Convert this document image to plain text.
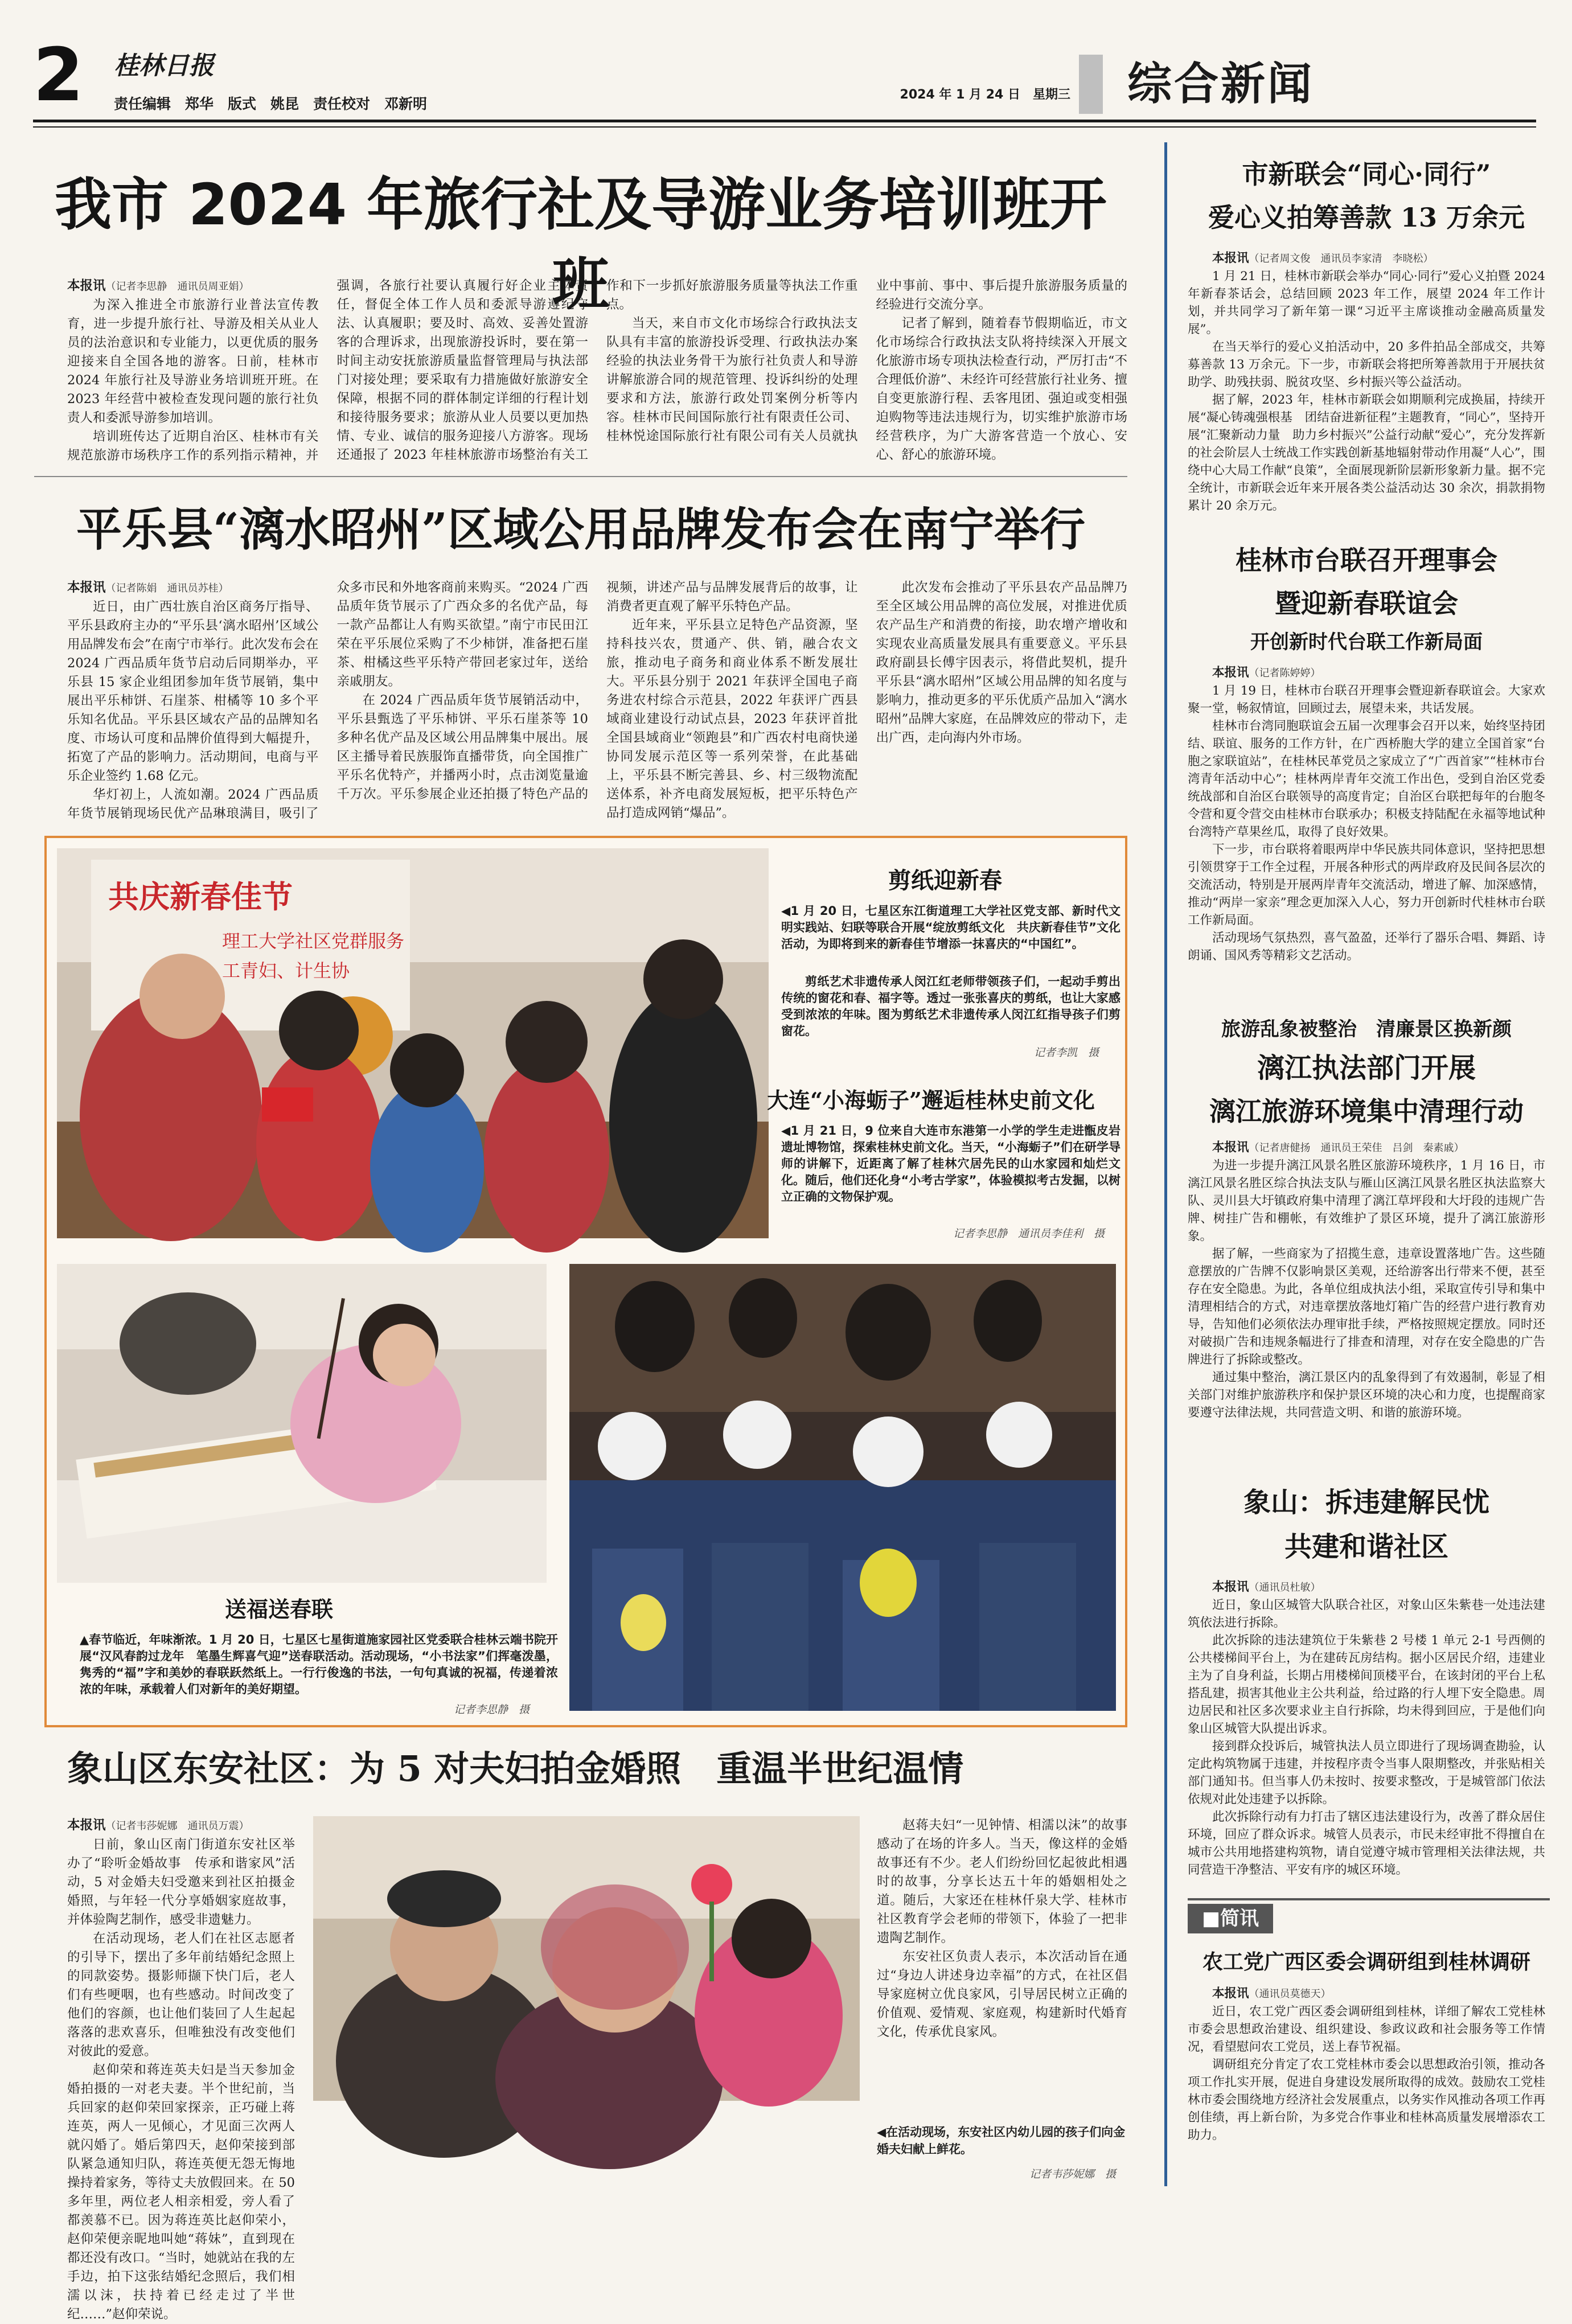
2 桂林日报
责任编辑　郑华　版式　姚昆　责任校对　邓新明
2024 年 1 月 24 日　星期三 综合新闻
我市 2024 年旅行社及导游业务培训班开班

本报讯（记者李思静　通讯员周亚娟）

为深入推进全市旅游行业普法宣传教育，进一步提升旅行社、导游及相关从业人员的法治意识和专业能力，以更优质的服务迎接来自全国各地的游客。日前，桂林市 2024 年旅行社及导游业务培训班开班。在 2023 年经营中被检查发现问题的旅行社负责人和委派导游参加培训。

培训班传达了近期自治区、桂林市有关规范旅游市场秩序工作的系列指示精神，并强调，各旅行社要认真履行好企业主体责任，督促全体工作人员和委派导游遵纪守法、认真履职；要及时、高效、妥善处置游客的合理诉求，出现旅游投诉时，要在第一时间主动安抚旅游质量监督管理局与执法部门对接处理；要采取有力措施做好旅游安全保障，根据不同的群体制定详细的行程计划和接待服务要求；旅游从业人员要以更加热情、专业、诚信的服务迎接八方游客。现场还通报了 2023 年桂林旅游市场整治有关工作和下一步抓好旅游服务质量等执法工作重点。

当天，来自市文化市场综合行政执法支队具有丰富的旅游投诉受理、行政执法办案经验的执法业务骨干为旅行社负责人和导游讲解旅游合同的规范管理、投诉纠纷的处理要求和方法，旅游行政处罚案例分析等内容。桂林市民间国际旅行社有限责任公司、桂林悦途国际旅行社有限公司有关人员就执业中事前、事中、事后提升旅游服务质量的经验进行交流分享。

记者了解到，随着春节假期临近，市文化市场综合行政执法支队将持续深入开展文化旅游市场专项执法检查行动，严厉打击“不合理低价游”、未经许可经营旅行社业务、擅自变更旅游行程、丢客甩团、强迫或变相强迫购物等违法违规行为，切实维护旅游市场经营秩序，为广大游客营造一个放心、安心、舒心的旅游环境。

平乐县“漓水昭州”区域公用品牌发布会在南宁举行

本报讯（记者陈娟　通讯员苏桂）

近日，由广西壮族自治区商务厅指导、平乐县政府主办的“平乐县‘漓水昭州’区域公用品牌发布会”在南宁市举行。此次发布会在 2024 广西品质年货节启动后同期举办，平乐县 15 家企业组团参加年货节展销，集中展出平乐柿饼、石崖茶、柑橘等 10 多个平乐知名优品。平乐县区域农产品的品牌知名度、市场认可度和品牌价值得到大幅提升，拓宽了产品的影响力。活动期间，电商与平乐企业签约 1.68 亿元。

华灯初上，人流如潮。2024 广西品质年货节展销现场民优产品琳琅满目，吸引了众多市民和外地客商前来购买。“2024 广西品质年货节展示了广西众多的名优产品，每一款产品都让人有购买欲望。”南宁市民田江荣在平乐展位采购了不少柿饼，准备把石崖茶、柑橘这些平乐特产带回老家过年，送给亲戚朋友。

在 2024 广西品质年货节展销活动中，平乐县甄选了平乐柿饼、平乐石崖茶等 10 多种名优产品及区域公用品牌集中展出。展区主播导着民族服饰直播带货，向全国推广平乐名优特产，并播两小时，点击浏览量逾千万次。平乐参展企业还拍摄了特色产品的视频，讲述产品与品牌发展背后的故事，让消费者更直观了解平乐特色产品。

近年来，平乐县立足特色产品资源，坚持科技兴农，贯通产、供、销，融合农文旅，推动电子商务和商业体系不断发展壮大。平乐县分别于 2021 年获评全国电子商务进农村综合示范县，2022 年获评广西县域商业建设行动试点县，2023 年获评首批全国县域商业“领跑县”和广西农村电商快递协同发展示范区等一系列荣誉，在此基础上，平乐县不断完善县、乡、村三级物流配送体系，补齐电商发展短板，把平乐特色产品打造成网销“爆品”。

此次发布会推动了平乐县农产品品牌乃至全区域公用品牌的高位发展，对推进优质农产品生产和消费的衔接，助农增产增收和实现农业高质量发展具有重要意义。平乐县政府副县长傅宇因表示，将借此契机，提升平乐县“漓水昭州”区域公用品牌的知名度与影响力，推动更多的平乐优质产品加入“漓水昭州”品牌大家庭，在品牌效应的带动下，走出广西，走向海内外市场。

共庆新春佳节
理工大学社区党群服务
工青妇、计生协
剪纸迎新春
◀1 月 20 日，七星区东江街道理工大学社区党支部、新时代文明实践站、妇联等联合开展“绽放剪纸文化　共庆新春佳节”文化活动，为即将到来的新春佳节增添一抹喜庆的“中国红”。
剪纸艺术非遗传承人闵江红老师带领孩子们，一起动手剪出传统的窗花和春、福字等。透过一张张喜庆的剪纸，也让大家感受到浓浓的年味。图为剪纸艺术非遗传承人闵江红指导孩子们剪窗花。
记者李凯　摄
大连“小海蛎子”邂逅桂林史前文化
◀1 月 21 日，9 位来自大连市东港第一小学的学生走进甑皮岩遗址博物馆，探索桂林史前文化。当天，“小海蛎子”们在研学导师的讲解下，近距离了解了桂林穴居先民的山水家园和灿烂文化。随后，他们还化身“小考古学家”，体验模拟考古发掘，以树立正确的文物保护观。
记者李思静　通讯员李佳利　摄
送福送春联
▲春节临近，年味渐浓。1 月 20 日，七星区七星街道施家园社区党委联合桂林云端书院开展“汉风春韵过龙年　笔墨生辉喜气迎”送春联活动。活动现场，“小书法家”们挥毫泼墨，隽秀的“福”字和美妙的春联跃然纸上。一行行俊逸的书法，一句句真诚的祝福，传递着浓浓的年味，承载着人们对新年的美好期望。
记者李思静　摄
象山区东安社区：为 5 对夫妇拍金婚照　重温半世纪温情

本报讯（记者韦莎妮娜　通讯员万震）

日前，象山区南门街道东安社区举办了“聆听金婚故事　传承和谐家风”活动，5 对金婚夫妇受邀来到社区拍摄金婚照，与年轻一代分享婚姻家庭故事，并体验陶艺制作，感受非遗魅力。

在活动现场，老人们在社区志愿者的引导下，摆出了多年前结婚纪念照上的同款姿势。摄影师撷下快门后，老人们有些哽咽，也有些感动。时间改变了他们的容颜，也让他们装回了人生起起落落的悲欢喜乐，但唯独没有改变他们对彼此的爱意。

赵仰荣和蒋连英夫妇是当天参加金婚拍摄的一对老夫妻。半个世纪前，当兵回家的赵仰荣回家探亲，正巧碰上蒋连英，两人一见倾心，才见面三次两人就闪婚了。婚后第四天，赵仰荣接到部队紧急通知归队，蒋连英便无怨无悔地操持着家务，等待丈夫放假回来。在 50 多年里，两位老人相亲相爱，旁人看了都羡慕不已。因为蒋连英比赵仰荣小，赵仰荣便亲昵地叫她“蒋妹”，直到现在都还没有改口。“当时，她就站在我的左手边，拍下这张结婚纪念照后，我们相濡以沫，扶持着已经走过了半世纪……”赵仰荣说。

赵蒋夫妇“一见钟情、相濡以沫”的故事感动了在场的许多人。当天，像这样的金婚故事还有不少。老人们纷纷回忆起彼此相遇时的故事，分享长达五十年的婚姻相处之道。随后，大家还在桂林仟泉大学、桂林市社区教育学会老师的带领下，体验了一把非遗陶艺制作。

东安社区负责人表示，本次活动旨在通过“身边人讲述身边幸福”的方式，在社区倡导家庭树立优良家风，引导居民树立正确的价值观、爱情观、家庭观，构建新时代婚育文化，传承优良家风。

◀在活动现场，东安社区内幼儿园的孩子们向金婚夫妇献上鲜花。
记者韦莎妮娜　摄
市新联会“同心·同行”
爱心义拍筹善款 13 万余元

本报讯（记者周文俊　通讯员李家清　李晓松）

1 月 21 日，桂林市新联会举办“同心·同行”爱心义拍暨 2024 年新春茶话会，总结回顾 2023 年工作，展望 2024 年工作计划，并共同学习了新年第一课“习近平主席谈推动金融高质量发展”。

在当天举行的爱心义拍活动中，20 多件拍品全部成交，共筹募善款 13 万余元。下一步，市新联会将把所筹善款用于开展扶贫助学、助残扶弱、脱贫攻坚、乡村振兴等公益活动。

据了解，2023 年，桂林市新联会如期顺利完成换届，持续开展“凝心铸魂强根基　团结奋进新征程”主题教育，“同心”，坚持开展“汇聚新动力量　助力乡村振兴”公益行动献“爱心”，充分发挥新的社会阶层人士统战工作实践创新基地辐射带动作用凝“人心”，围绕中心大局工作献“良策”，全面展现新阶层新形象新力量。据不完全统计，市新联会近年来开展各类公益活动达 30 余次，捐款捐物累计 20 余万元。

桂林市台联召开理事会
暨迎新春联谊会
开创新时代台联工作新局面

本报讯（记者陈婷婷）

1 月 19 日，桂林市台联召开理事会暨迎新春联谊会。大家欢聚一堂，畅叙情谊，回顾过去，展望未来，共话发展。

桂林市台湾同胞联谊会五届一次理事会召开以来，始终坚持团结、联谊、服务的工作方针，在广西桥胞大学的建立全国首家“台胞之家联谊站”，在桂林民革党员之家成立了“广西首家”“桂林市台湾青年活动中心”；桂林两岸青年交流工作出色，受到自治区党委统战部和自治区台联领导的高度肯定；自治区台联把每年的台胞冬令营和夏令营交由桂林市台联承办；积极支持陆配在永福等地试种台湾特产草果丝瓜，取得了良好效果。

下一步，市台联将着眼两岸中华民族共同体意识，坚持把思想引领贯穿于工作全过程，开展各种形式的两岸政府及民间各层次的交流活动，特别是开展两岸青年交流活动，增进了解、加深感情，推动“两岸一家亲”理念更加深入人心，努力开创新时代桂林市台联工作新局面。

活动现场气氛热烈，喜气盈盈，还举行了器乐合唱、舞蹈、诗朗诵、国风秀等精彩文艺活动。

旅游乱象被整治　清廉景区换新颜
漓江执法部门开展
漓江旅游环境集中清理行动

本报讯（记者唐健扬　通讯员王荣佳　吕剑　秦素戚）

为进一步提升漓江风景名胜区旅游环境秩序，1 月 16 日，市漓江风景名胜区综合执法支队与雁山区漓江风景名胜区执法监察大队、灵川县大圩镇政府集中清理了漓江草坪段和大圩段的违规广告牌、树挂广告和棚帐，有效维护了景区环境，提升了漓江旅游形象。

据了解，一些商家为了招揽生意，违章设置落地广告。这些随意摆放的广告牌不仅影响景区美观，还给游客出行带来不便，甚至存在安全隐患。为此，各单位组成执法小组，采取宣传引导和集中清理相结合的方式，对违章摆放落地灯箱广告的经营户进行教育劝导，告知他们必须依法办理审批手续，严格按照规定摆放。同时还对破损广告和违规条幅进行了排查和清理，对存在安全隐患的广告牌进行了拆除或整改。

通过集中整治，漓江景区内的乱象得到了有效遏制，彰显了相关部门对维护旅游秩序和保护景区环境的决心和力度，也提醒商家要遵守法律法规，共同营造文明、和谐的旅游环境。

象山：拆违建解民忧
共建和谐社区

本报讯（通讯员杜敏）

近日，象山区城管大队联合社区，对象山区朱紫巷一处违法建筑依法进行拆除。

此次拆除的违法建筑位于朱紫巷 2 号楼 1 单元 2-1 号西侧的公共楼梯间平台上，为在建砖瓦房结构。据小区居民介绍，违建业主为了自身利益，长期占用楼梯间顶楼平台，在该封闭的平台上私搭乱建，损害其他业主公共利益，给过路的行人埋下安全隐患。周边居民和社区多次要求业主自行拆除，均未得到回应，于是他们向象山区城管大队提出诉求。

接到群众投诉后，城管执法人员立即进行了现场调查勘验，认定此构筑物属于违建，并按程序责令当事人限期整改，并张贴相关部门通知书。但当事人仍未按时、按要求整改，于是城管部门依法依规对此处违建予以拆除。

此次拆除行动有力打击了辖区违法建设行为，改善了群众居住环境，回应了群众诉求。城管人员表示，市民未经审批不得擅自在城市公共用地搭建构筑物，请自觉遵守城市管理相关法律法规，共同营造干净整洁、平安有序的城区环境。

■简讯
农工党广西区委会调研组到桂林调研

本报讯（通讯员莫德天）

近日，农工党广西区委会调研组到桂林，详细了解农工党桂林市委会思想政治建设、组织建设、参政议政和社会服务等工作情况，看望慰问农工党员，送上春节祝福。

调研组充分肯定了农工党桂林市委会以思想政治引领，推动各项工作扎实开展，促进自身建设发展所取得的成效。鼓励农工党桂林市委会围绕地方经济社会发展重点，以务实作风推动各项工作再创佳绩，再上新台阶，为多党合作事业和桂林高质量发展增添农工助力。
